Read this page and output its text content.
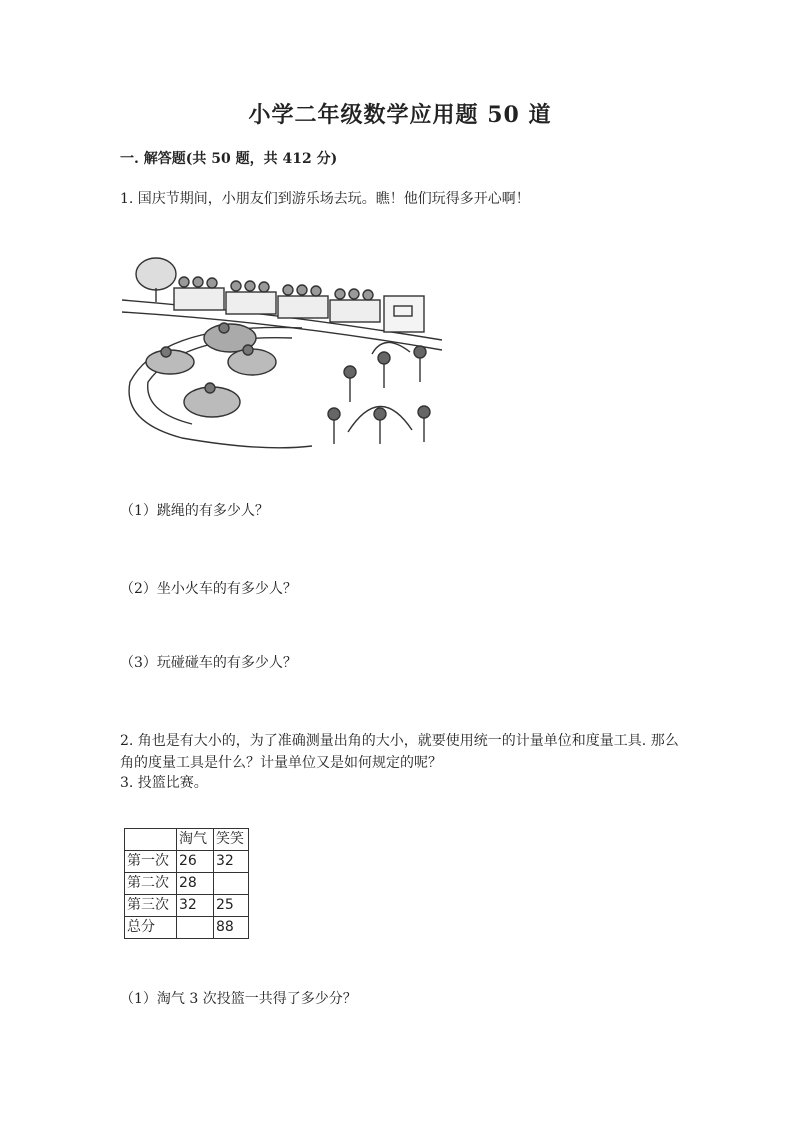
小学二年级数学应用题 50 道
一. 解答题(共 50 题，共 412 分)
1. 国庆节期间，小朋友们到游乐场去玩。瞧！他们玩得多开心啊！
（1）跳绳的有多少人？
（2）坐小火车的有多少人？
（3）玩碰碰车的有多少人？
2. 角也是有大小的，为了准确测量出角的大小，就要使用统一的计量单位和度量工具. 那么角的度量工具是什么？计量单位又是如何规定的呢？
3. 投篮比赛。
	淘气	笑笑
第一次	26	32
第二次	28	
第三次	32	25
总分		88
（1）淘气 3 次投篮一共得了多少分？
